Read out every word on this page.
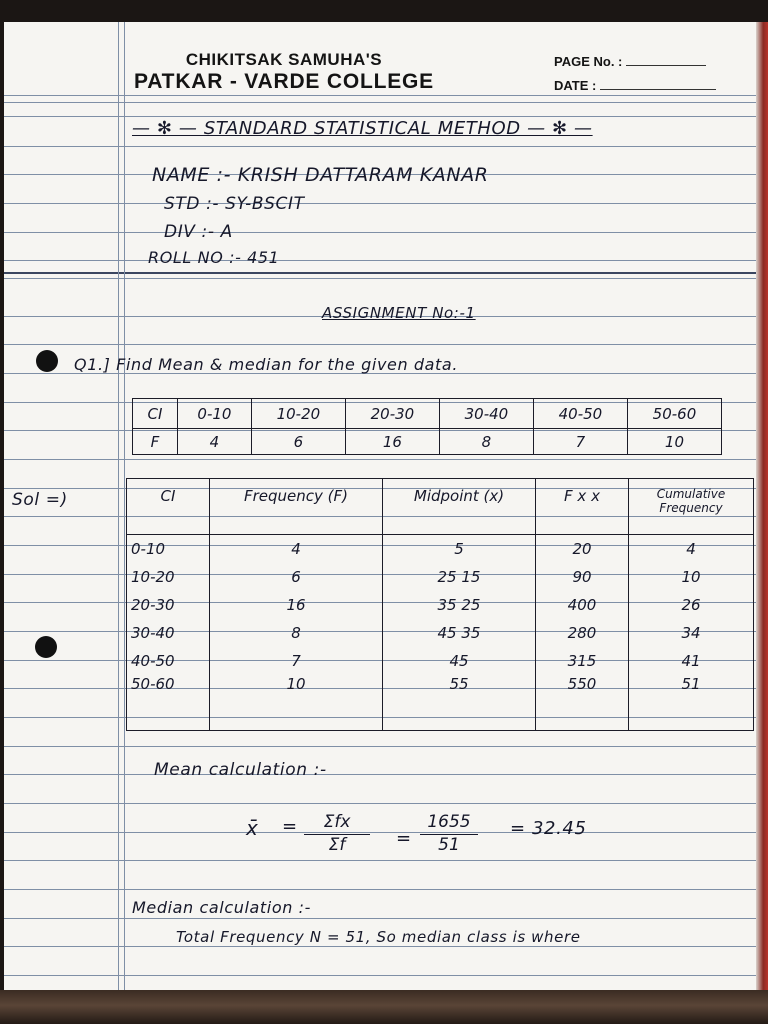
CHIKITSAK SAMUHA'S
PATKAR - VARDE COLLEGE
PAGE No. :
DATE :
— ✻ — STANDARD STATISTICAL METHOD — ✻ —
NAME :- KRISH DATTARAM KANAR
STD :- SY-BSCIT
DIV :- A
ROLL NO :- 451
ASSIGNMENT No:-1
Q1.] Find Mean & median for the given data.
CI	0-10	10-20	20-30	30-40	40-50	50-60
F	4	6	16	8	7	10
Sol =)	CI	Frequency (F)	Midpoint (x)	F x x	Cumulative Frequency
0-10	4	5	20	4
10-20	6	25 15	90	10
20-30	16	35 25	400	26
30-40	8	45 35	280	34
40-50	7	45	315	41
50-60	10	55	550	51
Mean calculation :-
x̄ =	Σfx
Σf	=
1655
51
= 32.45
Median calculation :-
Total Frequency N = 51, So median class is where
